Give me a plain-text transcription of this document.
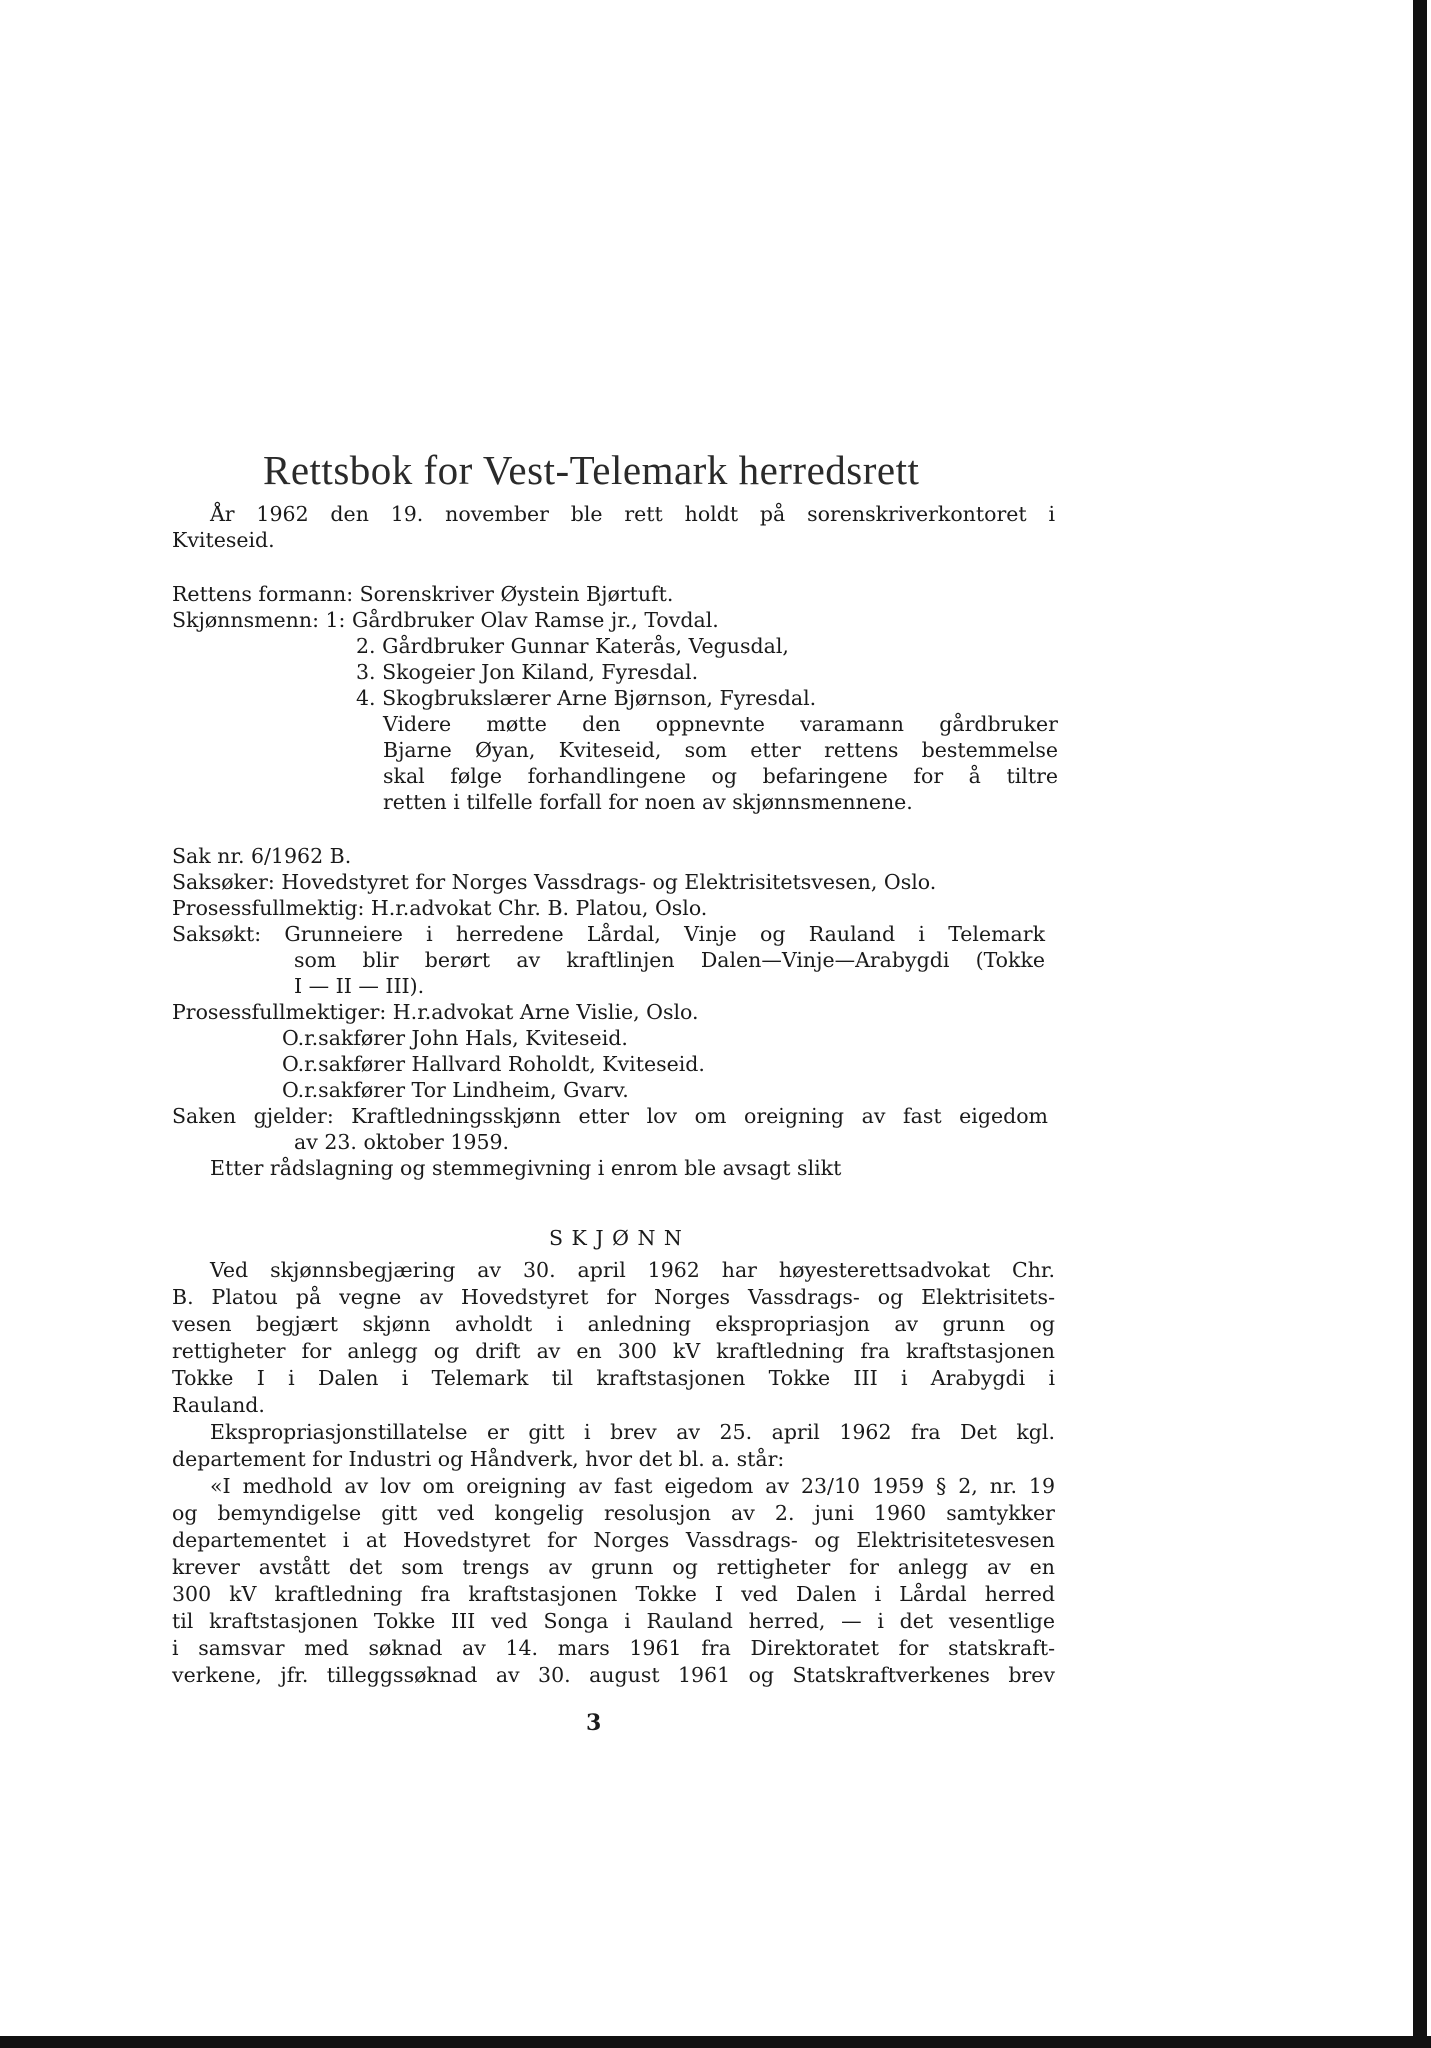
Rettsbok for Vest-Telemark herredsrett
År 1962 den 19. november ble rett holdt på sorenskriverkontoret i
Kviteseid.
Rettens formann: Sorenskriver Øystein Bjørtuft.
Skjønnsmenn: 1: Gårdbruker Olav Ramse jr., Tovdal.
2. Gårdbruker Gunnar Katerås, Vegusdal,
3. Skogeier Jon Kiland, Fyresdal.
4. Skogbrukslærer Arne Bjørnson, Fyresdal.
Videre møtte den oppnevnte varamann gårdbruker
Bjarne Øyan, Kviteseid, som etter rettens bestemmelse
skal følge forhandlingene og befaringene for å tiltre
retten i tilfelle forfall for noen av skjønnsmennene.
Sak nr. 6/1962 B.
Saksøker: Hovedstyret for Norges Vassdrags- og Elektrisitetsvesen, Oslo.
Prosessfullmektig: H.r.advokat Chr. B. Platou, Oslo.
Saksøkt: Grunneiere i herredene Lårdal, Vinje og Rauland i Telemark
som blir berørt av kraftlinjen Dalen—Vinje—Arabygdi (Tokke
I — II — III).
Prosessfullmektiger: H.r.advokat Arne Vislie, Oslo.
O.r.sakfører John Hals, Kviteseid.
O.r.sakfører Hallvard Roholdt, Kviteseid.
O.r.sakfører Tor Lindheim, Gvarv.
Saken gjelder: Kraftledningsskjønn etter lov om oreigning av fast eigedom
av 23. oktober 1959.
Etter rådslagning og stemmegivning i enrom ble avsagt slikt
S K J Ø N N
Ved skjønnsbegjæring av 30. april 1962 har høyesterettsadvokat Chr.
B. Platou på vegne av Hovedstyret for Norges Vassdrags- og Elektrisitets-
vesen begjært skjønn avholdt i anledning ekspropriasjon av grunn og
rettigheter for anlegg og drift av en 300 kV kraftledning fra kraftstasjonen
Tokke I i Dalen i Telemark til kraftstasjonen Tokke III i Arabygdi i
Rauland.
Ekspropriasjonstillatelse er gitt i brev av 25. april 1962 fra Det kgl.
departement for Industri og Håndverk, hvor det bl. a. står:
«I medhold av lov om oreigning av fast eigedom av 23/10 1959 § 2, nr. 19
og bemyndigelse gitt ved kongelig resolusjon av 2. juni 1960 samtykker
departementet i at Hovedstyret for Norges Vassdrags- og Elektrisitetesvesen
krever avstått det som trengs av grunn og rettigheter for anlegg av en
300 kV kraftledning fra kraftstasjonen Tokke I ved Dalen i Lårdal herred
til kraftstasjonen Tokke III ved Songa i Rauland herred, — i det vesentlige
i samsvar med søknad av 14. mars 1961 fra Direktoratet for statskraft-
verkene, jfr. tilleggssøknad av 30. august 1961 og Statskraftverkenes brev
3
